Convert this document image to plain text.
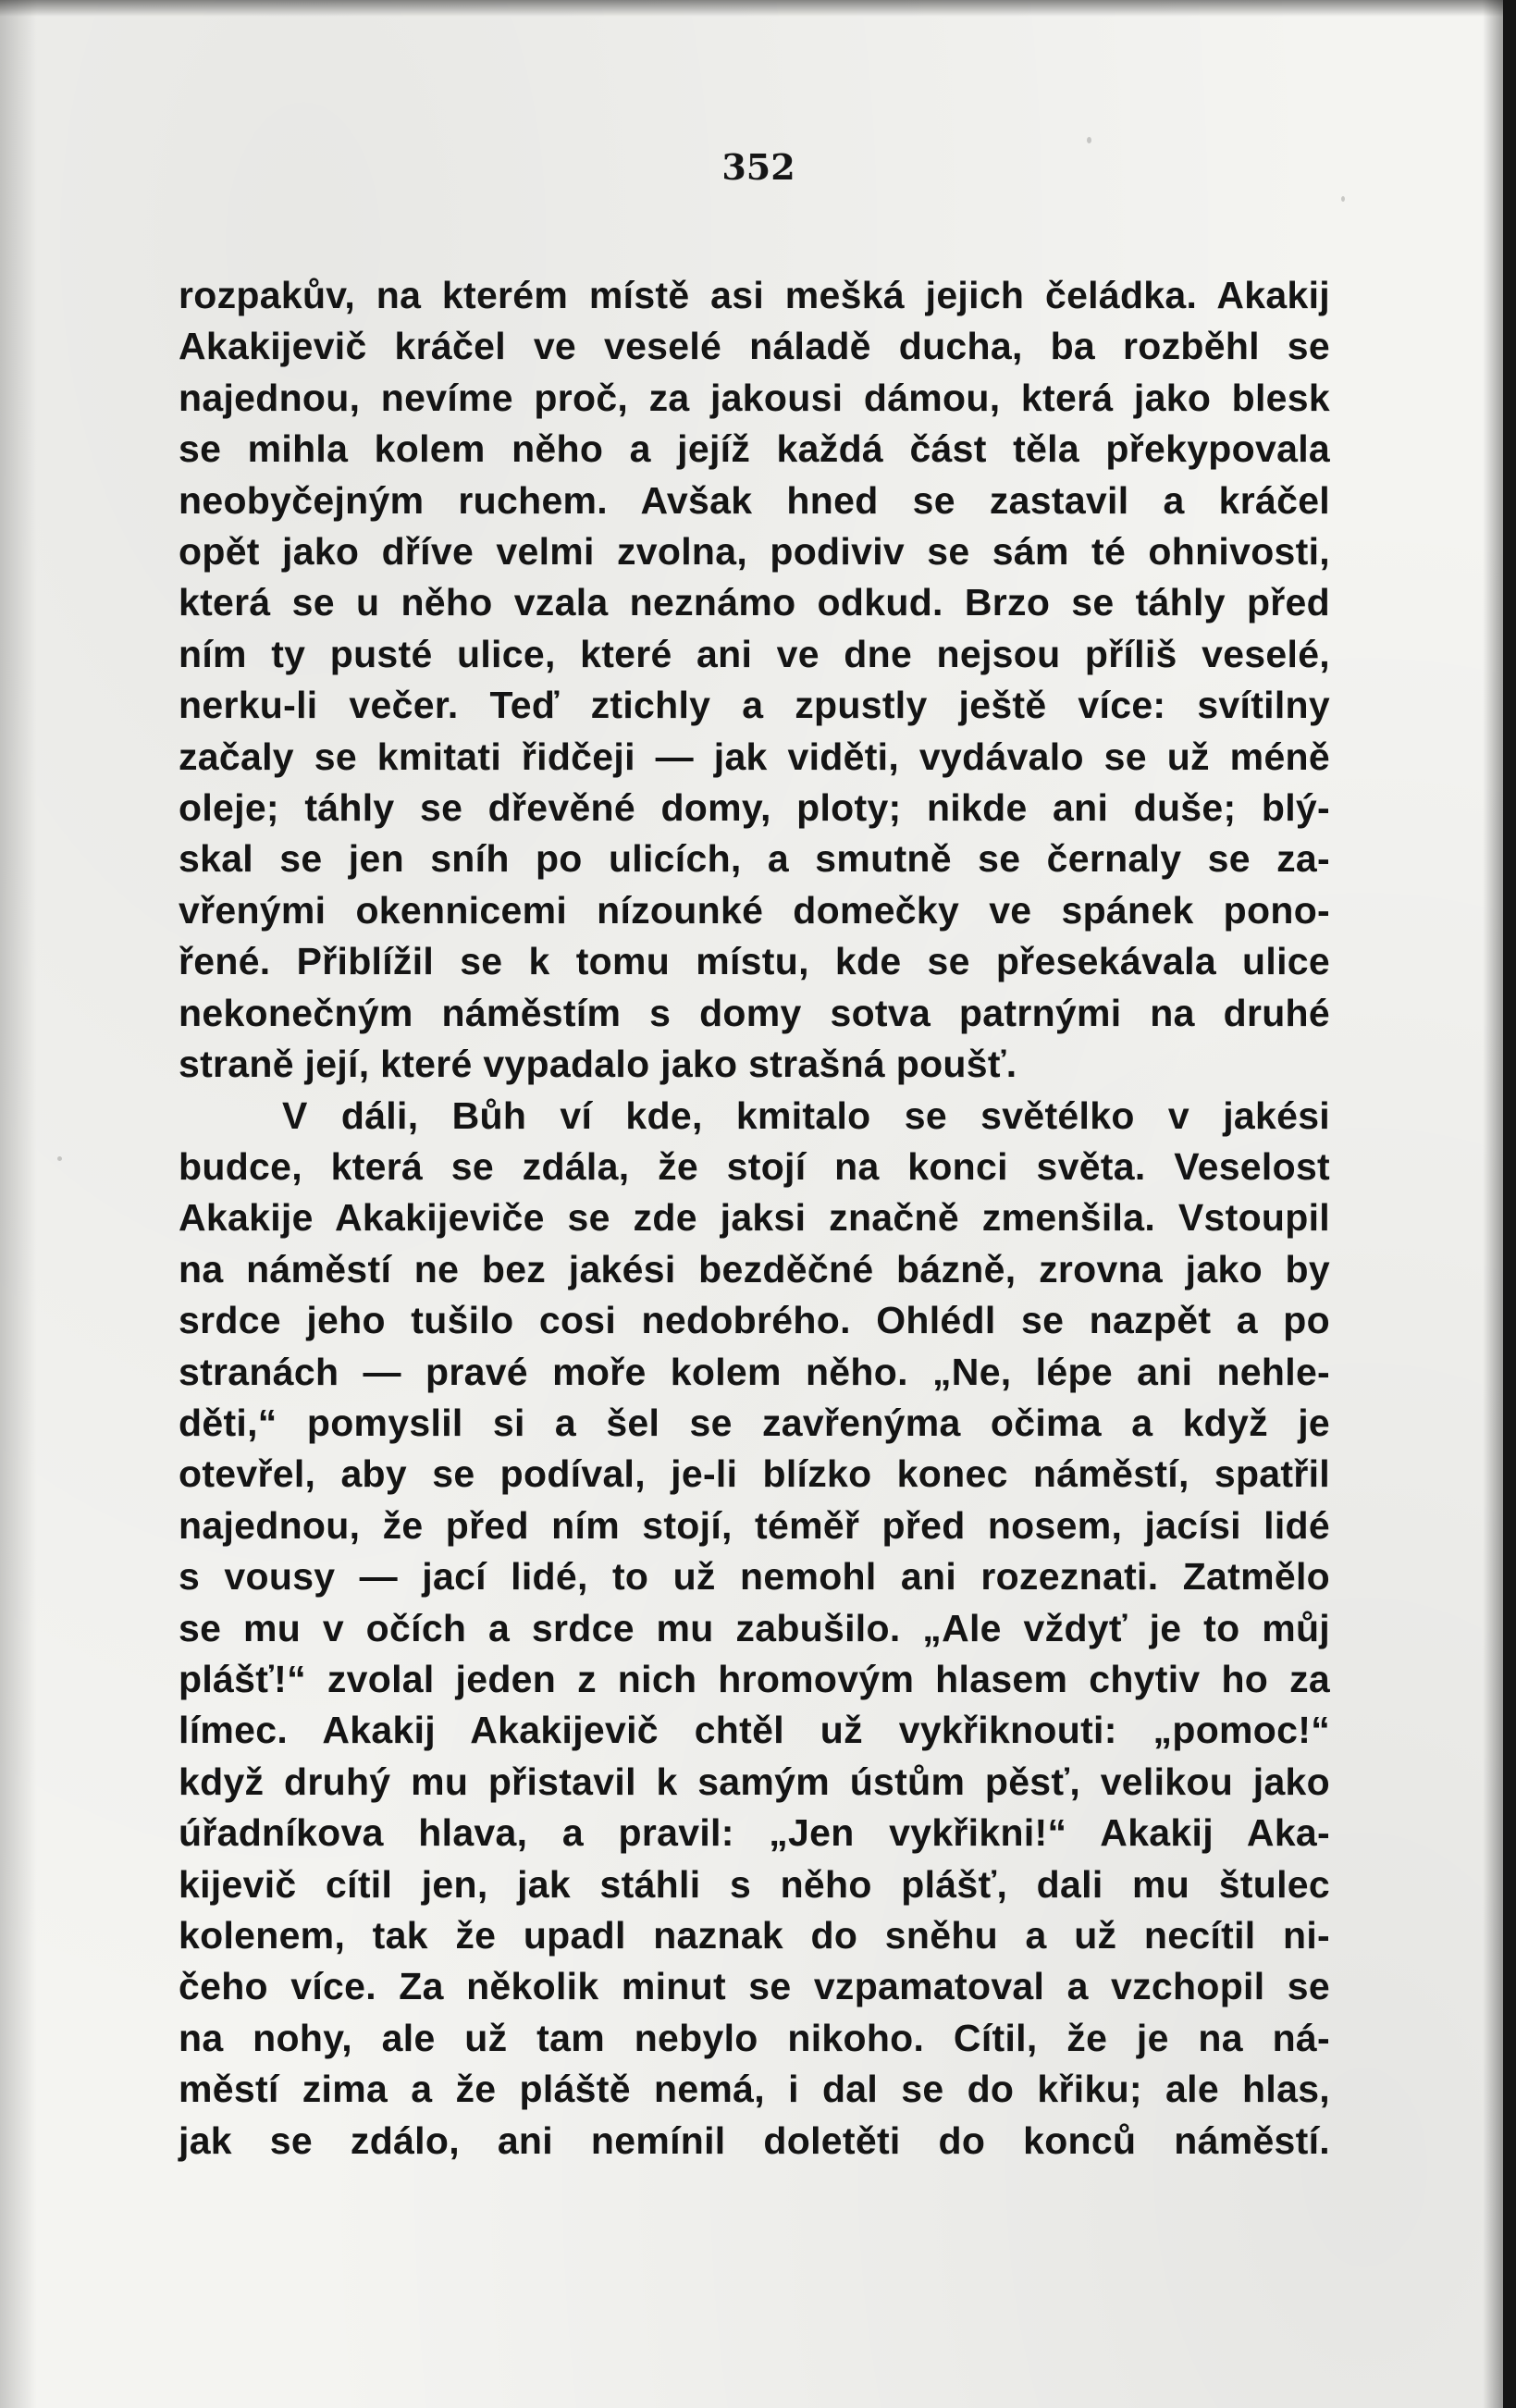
352

rozpakův, na kterém místě asi mešká jejich čeládka. Akakij

Akakijevič kráčel ve veselé náladě ducha, ba rozběhl se

najednou, nevíme proč, za jakousi dámou, která jako blesk

se mihla kolem něho a jejíž každá část těla překypovala

neobyčejným ruchem. Avšak hned se zastavil a kráčel

opět jako dříve velmi zvolna, podiviv se sám té ohnivosti,

která se u něho vzala neznámo odkud. Brzo se táhly před

ním ty pusté ulice, které ani ve dne nejsou příliš veselé,

nerku-li večer. Teď ztichly a zpustly ještě více: svítilny

začaly se kmitati řidčeji — jak viděti, vydávalo se už méně

oleje; táhly se dřevěné domy, ploty; nikde ani duše; blý-

skal se jen sníh po ulicích, a smutně se černaly se za-

vřenými okennicemi nízounké domečky ve spánek pono-

řené. Přiblížil se k tomu místu, kde se přesekávala ulice

nekonečným náměstím s domy sotva patrnými na druhé

straně její, které vypadalo jako strašná poušť.

V dáli, Bůh ví kde, kmitalo se světélko v jakési

budce, která se zdála, že stojí na konci světa. Veselost

Akakije Akakijeviče se zde jaksi značně zmenšila. Vstoupil

na náměstí ne bez jakési bezděčné bázně, zrovna jako by

srdce jeho tušilo cosi nedobrého. Ohlédl se nazpět a po

stranách — pravé moře kolem něho. „Ne, lépe ani nehle-

děti,“ pomyslil si a šel se zavřenýma očima a když je

otevřel, aby se podíval, je-li blízko konec náměstí, spatřil

najednou, že před ním stojí, téměř před nosem, jacísi lidé

s vousy — jací lidé, to už nemohl ani rozeznati. Zatmělo

se mu v očích a srdce mu zabušilo. „Ale vždyť je to můj

plášť!“ zvolal jeden z nich hromovým hlasem chytiv ho za

límec. Akakij Akakijevič chtěl už vykřiknouti: „pomoc!“

když druhý mu přistavil k samým ústům pěsť, velikou jako

úřadníkova hlava, a pravil: „Jen vykřikni!“ Akakij Aka-

kijevič cítil jen, jak stáhli s něho plášť, dali mu štulec

kolenem, tak že upadl naznak do sněhu a už necítil ni-

čeho více. Za několik minut se vzpamatoval a vzchopil se

na nohy, ale už tam nebylo nikoho. Cítil, že je na ná-

městí zima a že pláště nemá, i dal se do křiku; ale hlas,

jak se zdálo, ani nemínil doletěti do konců náměstí.
